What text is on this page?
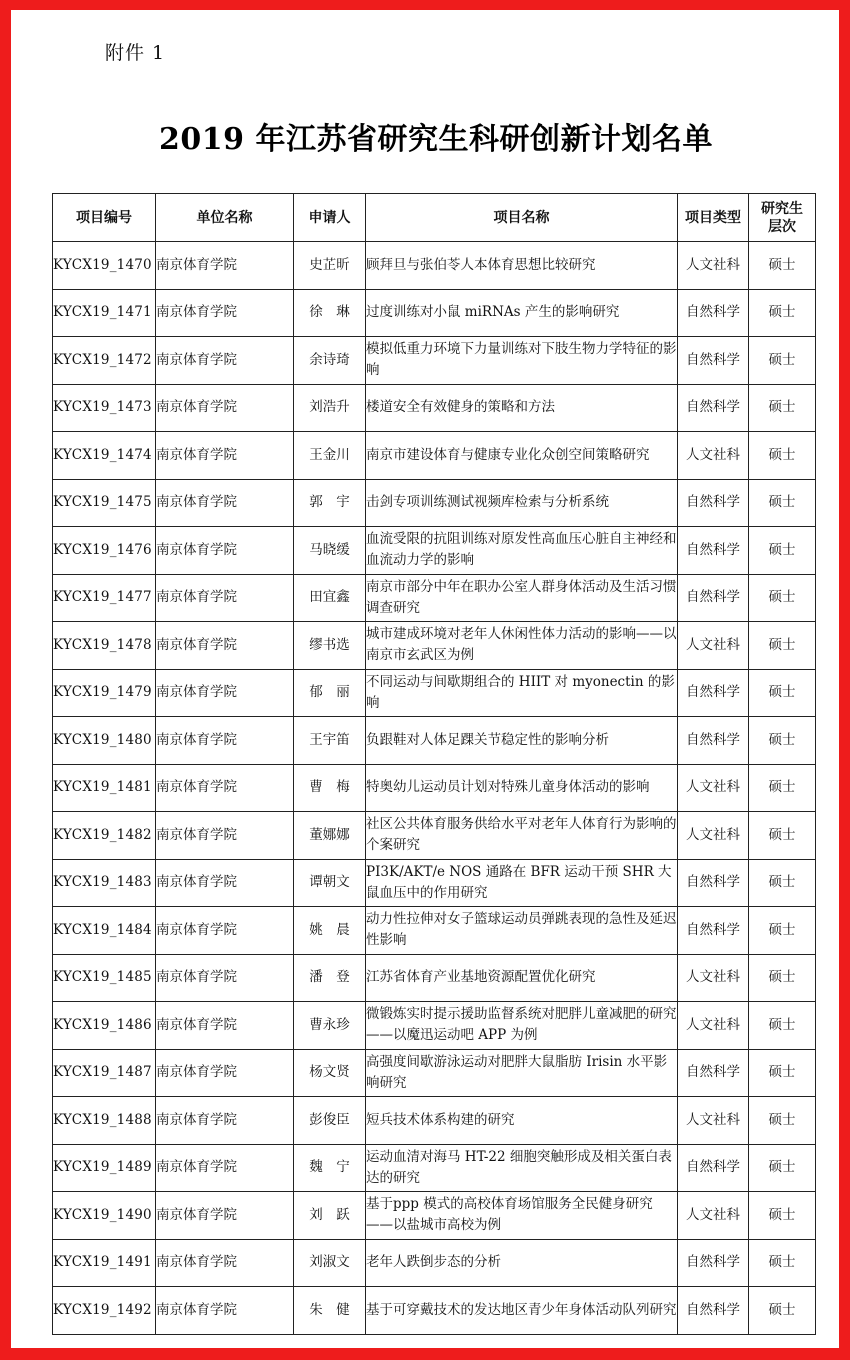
附件 1
2019 年江苏省研究生科研创新计划名单
项目编号	单位名称	申请人	项目名称	项目类型	研究生层次
KYCX19_1470	南京体育学院	史芷昕	顾拜旦与张伯苓人本体育思想比较研究	人文社科	硕士
KYCX19_1471	南京体育学院	徐　琳	过度训练对小鼠 miRNAs 产生的影响研究	自然科学	硕士
KYCX19_1472	南京体育学院	余诗琦	模拟低重力环境下力量训练对下肢生物力学特征的影响	自然科学	硕士
KYCX19_1473	南京体育学院	刘浩升	楼道安全有效健身的策略和方法	自然科学	硕士
KYCX19_1474	南京体育学院	王金川	南京市建设体育与健康专业化众创空间策略研究	人文社科	硕士
KYCX19_1475	南京体育学院	郭　宇	击剑专项训练测试视频库检索与分析系统	自然科学	硕士
KYCX19_1476	南京体育学院	马晓缓	血流受限的抗阻训练对原发性高血压心脏自主神经和血流动力学的影响	自然科学	硕士
KYCX19_1477	南京体育学院	田宜鑫	南京市部分中年在职办公室人群身体活动及生活习惯调查研究	自然科学	硕士
KYCX19_1478	南京体育学院	缪书选	城市建成环境对老年人休闲性体力活动的影响——以南京市玄武区为例	人文社科	硕士
KYCX19_1479	南京体育学院	郁　丽	不同运动与间歇期组合的 HIIT 对 myonectin 的影响	自然科学	硕士
KYCX19_1480	南京体育学院	王宇笛	负跟鞋对人体足踝关节稳定性的影响分析	自然科学	硕士
KYCX19_1481	南京体育学院	曹　梅	特奥幼儿运动员计划对特殊儿童身体活动的影响	人文社科	硕士
KYCX19_1482	南京体育学院	董娜娜	社区公共体育服务供给水平对老年人体育行为影响的个案研究	人文社科	硕士
KYCX19_1483	南京体育学院	谭朝文	PI3K/AKT/e NOS 通路在 BFR 运动干预 SHR 大鼠血压中的作用研究	自然科学	硕士
KYCX19_1484	南京体育学院	姚　晨	动力性拉伸对女子篮球运动员弹跳表现的急性及延迟性影响	自然科学	硕士
KYCX19_1485	南京体育学院	潘　登	江苏省体育产业基地资源配置优化研究	人文社科	硕士
KYCX19_1486	南京体育学院	曹永珍	微锻炼实时提示援助监督系统对肥胖儿童减肥的研究——以魔迅运动吧 APP 为例	人文社科	硕士
KYCX19_1487	南京体育学院	杨文贤	高强度间歇游泳运动对肥胖大鼠脂肪 Irisin 水平影响研究	自然科学	硕士
KYCX19_1488	南京体育学院	彭俊臣	短兵技术体系构建的研究	人文社科	硕士
KYCX19_1489	南京体育学院	魏　宁	运动血清对海马 HT-22 细胞突触形成及相关蛋白表达的研究	自然科学	硕士
KYCX19_1490	南京体育学院	刘　跃	基于ppp 模式的高校体育场馆服务全民健身研究——以盐城市高校为例	人文社科	硕士
KYCX19_1491	南京体育学院	刘淑文	老年人跌倒步态的分析	自然科学	硕士
KYCX19_1492	南京体育学院	朱　健	基于可穿戴技术的发达地区青少年身体活动队列研究	自然科学	硕士
